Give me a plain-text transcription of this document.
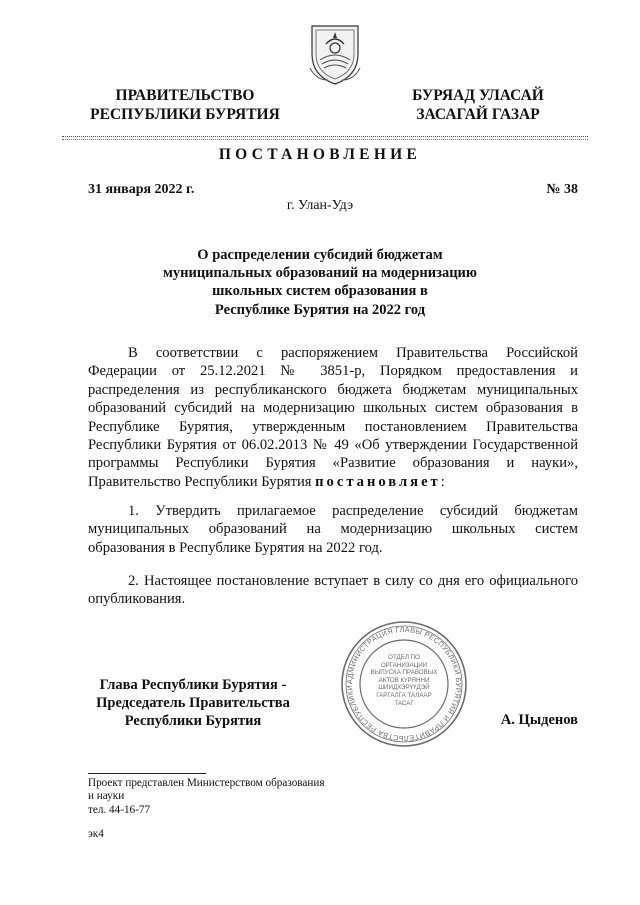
ПРАВИТЕЛЬСТВО
РЕСПУБЛИКИ БУРЯТИЯ
БУРЯАД УЛАСАЙ
ЗАСАГАЙ ГАЗАР
ПОСТАНОВЛЕНИЕ
31 января 2022 г.	№ 38
г. Улан-Удэ
О распределении субсидий бюджетам
муниципальных образований на модернизацию
школьных систем образования в
Республике Бурятия на 2022 год
В соответствии с распоряжением Правительства Российской Федерации от 25.12.2021 № 3851-р, Порядком предоставления и распределения из республиканского бюджета бюджетам муниципальных образований субсидий на модернизацию школьных систем образования в Республике Бурятия, утвержденным постановлением Правительства Республики Бурятия от 06.02.2013 № 49 «Об утверждении Государственной программы Республики Бурятия «Развитие образования и науки», Правительство Республики Бурятия постановляет:
1. Утвердить прилагаемое распределение субсидий бюджетам муниципальных образований на модернизацию школьных систем образования в Республике Бурятия на 2022 год.
2. Настоящее постановление вступает в силу со дня его официального опубликования.
Глава Республики Бурятия -
Председатель Правительства
Республики Бурятия
АДМИНИСТРАЦИЯ ГЛАВЫ РЕСПУБЛИКИ БУРЯТИЯ И ПРАВИТЕЛЬСТВА РЕСПУБЛИКИ
ОТДЕЛ ПО ОРГАНИЗАЦИИ ВЫПУСКА ПРАВОВЫХ АКТОВ КҮРЯННИ ШИИДХЭРҮҮДЭЙ ГАРГАЛГА ТАЛААР ТАСАГ
А. Цыденов
Проект представлен Министерством образования
и науки
тел. 44-16-77
эк4
